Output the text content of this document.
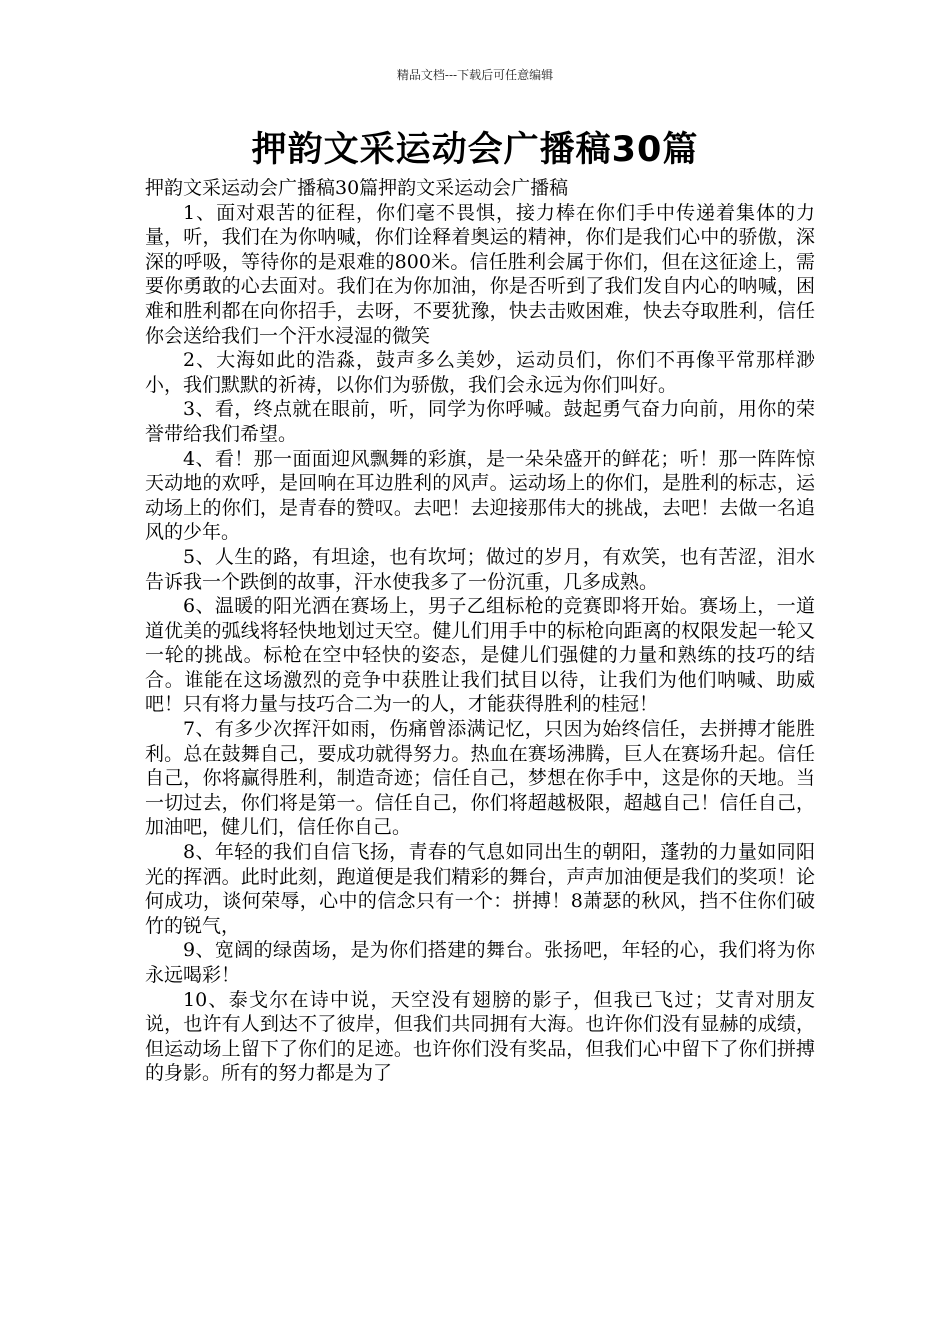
精品文档---下载后可任意编辑
押韵文采运动会广播稿30篇

押韵文采运动会广播稿30篇押韵文采运动会广播稿

1、面对艰苦的征程，你们毫不畏惧，接力棒在你们手中传递着集体的力量，听，我们在为你呐喊，你们诠释着奥运的精神，你们是我们心中的骄傲，深深的呼吸，等待你的是艰难的800米。信任胜利会属于你们，但在这征途上，需要你勇敢的心去面对。我们在为你加油，你是否听到了我们发自内心的呐喊，困难和胜利都在向你招手，去呀，不要犹豫，快去击败困难，快去夺取胜利，信任你会送给我们一个汗水浸湿的微笑

2、大海如此的浩淼，鼓声多么美妙，运动员们，你们不再像平常那样渺小，我们默默的祈祷，以你们为骄傲，我们会永远为你们叫好。

3、看，终点就在眼前，听，同学为你呼喊。鼓起勇气奋力向前，用你的荣誉带给我们希望。

4、看！那一面面迎风飘舞的彩旗，是一朵朵盛开的鲜花；听！那一阵阵惊天动地的欢呼，是回响在耳边胜利的风声。运动场上的你们，是胜利的标志，运动场上的你们，是青春的赞叹。去吧！去迎接那伟大的挑战，去吧！去做一名追风的少年。

5、人生的路，有坦途，也有坎坷；做过的岁月，有欢笑，也有苦涩，泪水告诉我一个跌倒的故事，汗水使我多了一份沉重，几多成熟。

6、温暖的阳光洒在赛场上，男子乙组标枪的竞赛即将开始。赛场上，一道道优美的弧线将轻快地划过天空。健儿们用手中的标枪向距离的权限发起一轮又一轮的挑战。标枪在空中轻快的姿态，是健儿们强健的力量和熟练的技巧的结合。谁能在这场激烈的竞争中获胜让我们拭目以待，让我们为他们呐喊、助威吧！只有将力量与技巧合二为一的人，才能获得胜利的桂冠！

7、有多少次挥汗如雨，伤痛曾添满记忆，只因为始终信任，去拼搏才能胜利。总在鼓舞自己，要成功就得努力。热血在赛场沸腾，巨人在赛场升起。信任自己，你将赢得胜利，制造奇迹；信任自己，梦想在你手中，这是你的天地。当一切过去，你们将是第一。信任自己，你们将超越极限，超越自己！信任自己，加油吧，健儿们，信任你自己。

8、年轻的我们自信飞扬，青春的气息如同出生的朝阳，蓬勃的力量如同阳光的挥洒。此时此刻，跑道便是我们精彩的舞台，声声加油便是我们的奖项！论何成功，谈何荣辱，心中的信念只有一个：拼搏！8萧瑟的秋风，挡不住你们破竹的锐气，

9、宽阔的绿茵场，是为你们搭建的舞台。张扬吧，年轻的心，我们将为你永远喝彩！

10、泰戈尔在诗中说，天空没有翅膀的影子，但我已飞过；艾青对朋友说，也许有人到达不了彼岸，但我们共同拥有大海。也许你们没有显赫的成绩，但运动场上留下了你们的足迹。也许你们没有奖品，但我们心中留下了你们拼搏的身影。所有的努力都是为了
